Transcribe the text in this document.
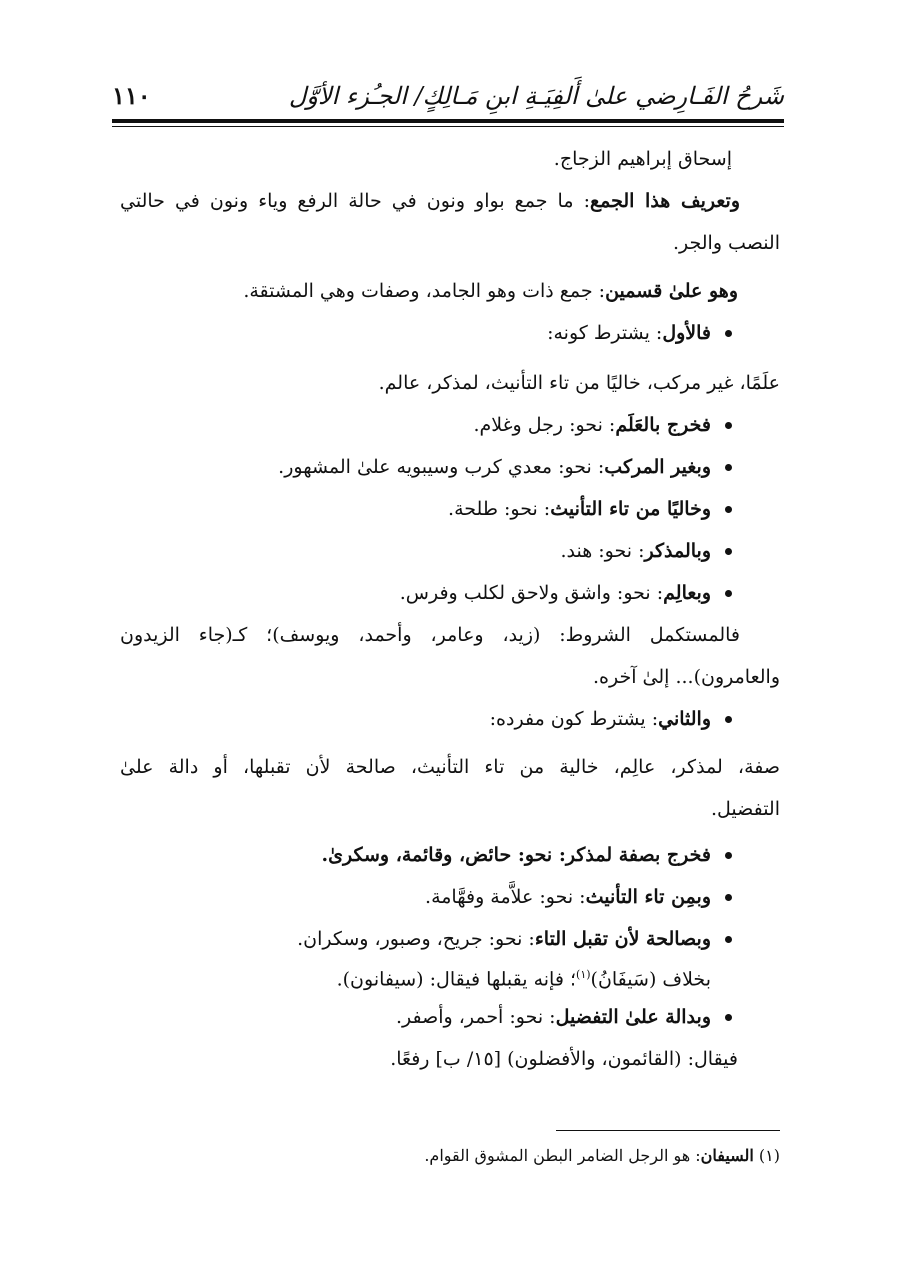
شَرحُ الفَـارِضي علىٰ أَلفِيَـةِ ابنِ مَـالِكٍ/ الجـُزء الأوَّل
١١٠
إسحاق إبراهيم الزجاج.
وتعريف هذا الجمع: ما جمع بواو ونون في حالة الرفع وياء ونون في حالتي
النصب والجر.
وهو علىٰ قسمين: جمع ذات وهو الجامد، وصفات وهي المشتقة.
فالأول
: يشترط كونه:
علَمًا، غير مركب، خاليًا من تاء التأنيث، لمذكر، عالم.
فخرج بالعَلَم
: نحو: رجل وغلام.
وبغير المركب
: نحو: معدي كرب وسيبويه علىٰ المشهور.
وخاليًا من تاء التأنيث
: نحو: طلحة.
وبالمذكر
: نحو: هند.
وبعالِم
: نحو: واشق ولاحق لكلب وفرس.
فالمستكمل الشروط: (زيد، وعامر، وأحمد، ويوسف)؛ كـ(جاء الزيدون
والعامرون)... إلىٰ آخره.
والثاني
: يشترط كون مفرده:
صفة، لمذكر، عالِم، خالية من تاء التأنيث، صالحة لأن تقبلها، أو دالة علىٰ
التفضيل.
فخرج بصفة لمذكر: نحو: حائض، وقائمة، وسكرىٰ.
وبمِن تاء التأنيث
: نحو: علاَّمة وفهَّامة.
وبصالحة لأن تقبل التاء
: نحو: جريح، وصبور، وسكران.
بخلاف (سَيفَانُ)$^{(١)}$؛ فإنه يقبلها فيقال: (سيفانون).
وبدالة علىٰ التفضيل
: نحو: أحمر، وأصفر.
فيقال: (القائمون، والأفضلون) [١٥/ ب] رفعًا.
(١) السيفان: هو الرجل الضامر البطن المشوق القوام.
